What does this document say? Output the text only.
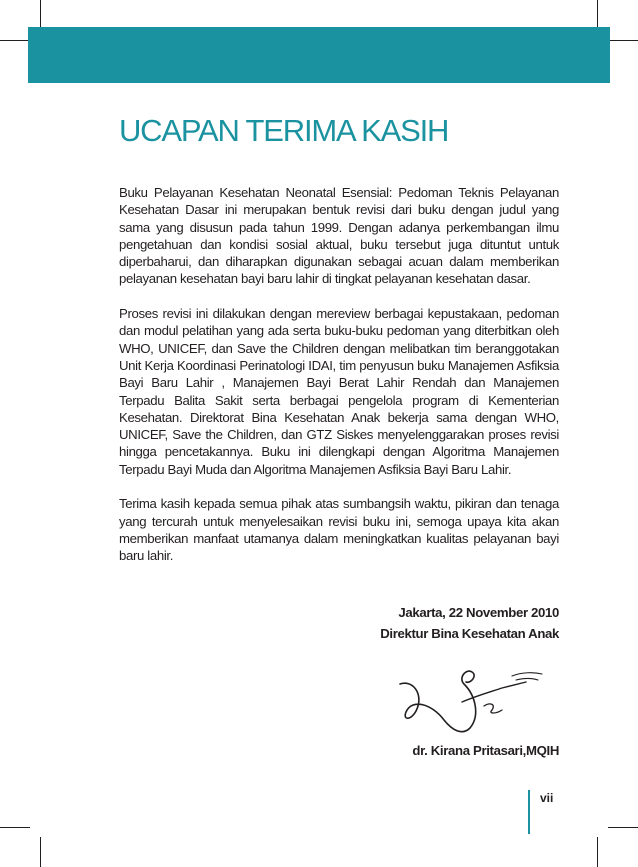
UCAPAN TERIMA KASIH

Buku Pelayanan Kesehatan Neonatal Esensial: Pedoman Teknis Pelayanan Kesehatan Dasar ini merupakan bentuk revisi dari buku dengan judul yang sama yang disusun pada tahun 1999. Dengan adanya perkembangan ilmu pengetahuan dan kondisi sosial aktual, buku tersebut juga dituntut untuk diperbaharui, dan diharapkan digunakan sebagai acuan dalam memberikan pelayanan kesehatan bayi baru lahir di tingkat pelayanan kesehatan dasar.

Proses revisi ini dilakukan dengan mereview berbagai kepustakaan, pedoman dan modul pelatihan yang ada serta buku-buku pedoman yang diterbitkan oleh WHO, UNICEF, dan Save the Children dengan melibatkan tim beranggotakan Unit Kerja Koordinasi Perinatologi IDAI, tim penyusun buku Manajemen Asfiksia Bayi Baru Lahir , Manajemen Bayi Berat Lahir Rendah dan Manajemen Terpadu Balita Sakit serta berbagai pengelola program di Kementerian Kesehatan. Direktorat Bina Kesehatan Anak bekerja sama dengan WHO, UNICEF, Save the Children, dan GTZ Siskes menyelenggarakan proses revisi hingga pencetakannya. Buku ini dilengkapi dengan Algoritma Manajemen Terpadu Bayi Muda dan Algoritma Manajemen Asfiksia Bayi Baru Lahir.

Terima kasih kepada semua pihak atas sumbangsih waktu, pikiran dan tenaga yang tercurah untuk menyelesaikan revisi buku ini, semoga upaya kita akan memberikan manfaat utamanya dalam meningkatkan kualitas pelayanan bayi baru lahir.

Jakarta, 22 November 2010
Direktur Bina Kesehatan Anak
dr. Kirana Pritasari,MQIH
vii
